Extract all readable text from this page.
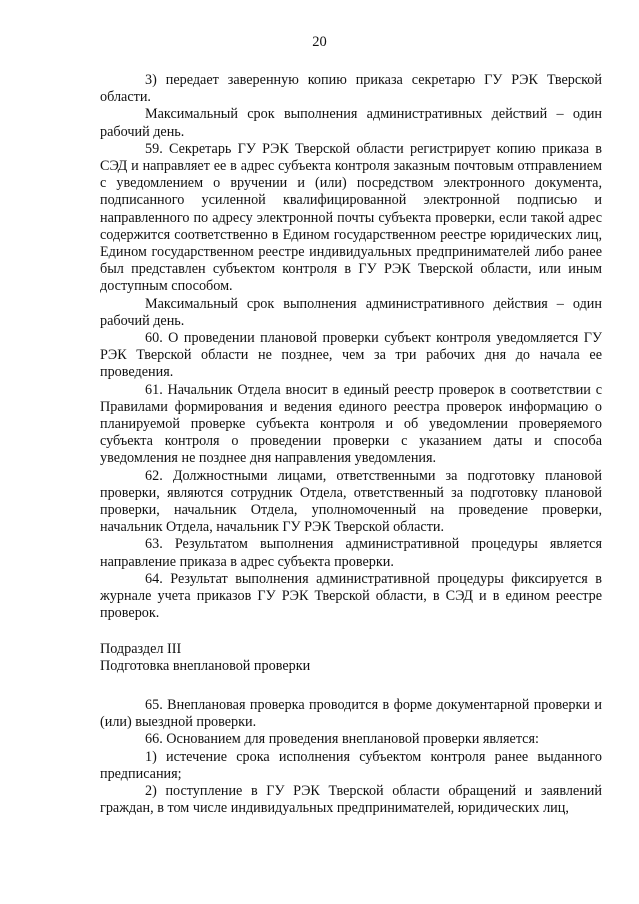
20

3) передает заверенную копию приказа секретарю ГУ РЭК Тверской области.

Максимальный срок выполнения административных действий – один рабочий день.

59. Секретарь ГУ РЭК Тверской области регистрирует копию приказа в СЭД и направляет ее в адрес субъекта контроля заказным почтовым отправлением с уведомлением о вручении и (или) посредством электронного документа, подписанного усиленной квалифицированной электронной подписью и направленного по адресу электронной почты субъекта проверки, если такой адрес содержится соответственно в Едином государственном реестре юридических лиц, Едином государственном реестре индивидуальных предпринимателей либо ранее был представлен субъектом контроля в ГУ РЭК Тверской области, или иным доступным способом.

Максимальный срок выполнения административного действия – один рабочий день.

60. О проведении плановой проверки субъект контроля уведомляется ГУ РЭК Тверской области не позднее, чем за три рабочих дня до начала ее проведения.

61. Начальник Отдела вносит в единый реестр проверок в соответствии с Правилами формирования и ведения единого реестра проверок информацию о планируемой проверке субъекта контроля и об уведомлении проверяемого субъекта контроля о проведении проверки с указанием даты и способа уведомления не позднее дня направления уведомления.

62. Должностными лицами, ответственными за подготовку плановой проверки, являются сотрудник Отдела, ответственный за подготовку плановой проверки, начальник Отдела, уполномоченный на проведение проверки, начальник Отдела, начальник ГУ РЭК Тверской области.

63. Результатом выполнения административной процедуры является направление приказа в адрес субъекта проверки.

64. Результат выполнения административной процедуры фиксируется в журнале учета приказов ГУ РЭК Тверской области, в СЭД и в едином реестре проверок.

Подраздел III

Подготовка внеплановой проверки

65. Внеплановая проверка проводится в форме документарной проверки и (или) выездной проверки.

66. Основанием для проведения внеплановой проверки является:

1) истечение срока исполнения субъектом контроля ранее выданного предписания;

2) поступление в ГУ РЭК Тверской области обращений и заявлений граждан, в том числе индивидуальных предпринимателей, юридических лиц,
